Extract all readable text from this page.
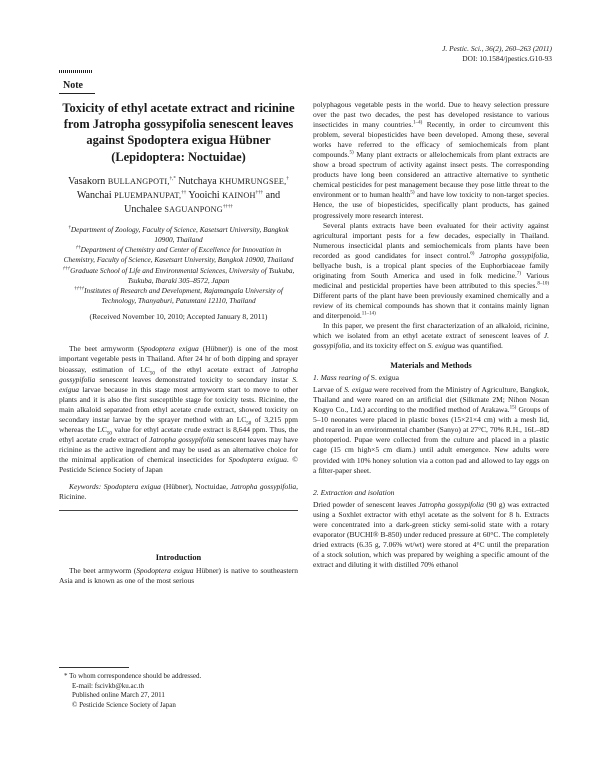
J. Pestic. Sci., 36(2), 260–263 (2011)
DOI: 10.1584/jpestics.G10-93
Note
Toxicity of ethyl acetate extract and ricinine from Jatropha gossypifolia senescent leaves against Spodoptera exigua Hübner (Lepidoptera: Noctuidae)
Vasakorn BULLANGPOTI,†,* Nutchaya KHUMRUNGSEE,†
Wanchai PLUEMPANUPAT,†† Yooichi KAINOH††† and
Unchalee SAGUANPONG††††
†Department of Zoology, Faculty of Science, Kasetsart University, Bangkok 10900, Thailand
††Department of Chemistry and Center of Excellence for Innovation in Chemistry, Faculty of Science, Kasetsart University, Bangkok 10900, Thailand
†††Graduate School of Life and Environmental Sciences, University of Tsukuba, Tsukuba, Ibaraki 305–8572, Japan
††††Institutes of Research and Development, Rajamangala University of Technology, Thanyaburi, Patumtani 12110, Thailand
(Received November 10, 2010; Accepted January 8, 2011)

The beet armyworm (Spodoptera exigua (Hübner)) is one of the most important vegetable pests in Thailand. After 24 hr of both dipping and sprayer bioassay, estimation of $LC_{50}$ of the ethyl acetate extract of Jatropha gossypifolia senescent leaves demonstrated toxicity to secondary instar S. exigua larvae because in this stage most armyworm start to move to other plants and it is also the first susceptible stage for toxicity tests. Ricinine, the main alkaloid separated from ethyl acetate crude extract, showed toxicity on secondary instar larvae by the sprayer method with an $LC_{50}$ of 3,215 ppm whereas the $LC_{50}$ value for ethyl acetate crude extract is 8,644 ppm. Thus, the ethyl acetate crude extract of Jatropha gossypifolia senescent leaves may have ricinine as the active ingredient and may be used as an alternative choice for the minimal application of chemical insecticides for Spodoptera exigua. © Pesticide Science Society of Japan

Keywords: Spodoptera exigua (Hübner), Noctuidae, Jatropha gossypifolia, Ricinine.

Introduction

The beet armyworm (Spodoptera exigua Hübner) is native to southeastern Asia and is known as one of the most serious

* To whom correspondence should be addressed.
E-mail: fscivkb@ku.ac.th
Published online March 27, 2011
© Pesticide Science Society of Japan

polyphagous vegetable pests in the world. Due to heavy selection pressure over the past two decades, the pest has developed resistance to various insecticides in many countries.$^{1-4)}$ Recently, in order to circumvent this problem, several biopesticides have been developed. Among these, several works have referred to the efficacy of semiochemicals from plant compounds.$^{5)}$ Many plant extracts or allelochemicals from plant extracts are show a broad spectrum of activity against insect pests. The corresponding products have long been considered an attractive alternative to synthetic chemical pesticides for pest management because they pose little threat to the environment or to human health$^{5)}$ and have low toxicity to non-target species. Hence, the use of biopesticides, specifically plant products, has gained progressively more research interest.

Several plants extracts have been evaluated for their activity against agricultural important pests for a few decades, especially in Thailand. Numerous insecticidal plants and semiochemicals from plants have been recorded as good candidates for insect control.$^{6)}$ Jatropha gossypifolia, bellyache bush, is a tropical plant species of the Euphorbiaceae family originating from South America and used in folk medicine.$^{7)}$ Various medicinal and pesticidal properties have been attributed to this species.$^{8-10)}$ Different parts of the plant have been previously examined chemically and a review of its chemical compounds has shown that it contains mainly lignan and diterpenoid.$^{11-14)}$

In this paper, we present the first characterization of an alkaloid, ricinine, which we isolated from an ethyl acetate extract of senescent leaves of J. gossypifolia, and its toxicity effect on S. exigua was quantified.

Materials and Methods
1. Mass rearing of S. exigua

Larvae of S. exigua were received from the Ministry of Agriculture, Bangkok, Thailand and were reared on an artificial diet (Silkmate 2M; Nihon Nosan Kogyo Co., Ltd.) according to the modified method of Arakawa.$^{15)}$ Groups of 5–10 neonates were placed in plastic boxes (15×21×4 cm) with a mesh lid, and reared in an environmental chamber (Sanyo) at 27°C, 70% R.H., 16L–8D photoperiod. Pupae were collected from the culture and placed in a plastic cage (15 cm high×5 cm diam.) until adult emergence. New adults were provided with 10% honey solution via a cotton pad and allowed to lay eggs on a filter-paper sheet.

2. Extraction and isolation

Dried powder of senescent leaves Jatropha gossypifolia (90 g) was extracted using a Soxhlet extractor with ethyl acetate as the solvent for 8 h. Extracts were concentrated into a dark-green sticky semi-solid state with a rotary evaporator (BUCHI® B-850) under reduced pressure at 60°C. The completely dried extracts (6.35 g, 7.06% wt/wt) were stored at 4°C until the preparation of a stock solution, which was prepared by weighing a specific amount of the extract and diluting it with distilled 70% ethanol
